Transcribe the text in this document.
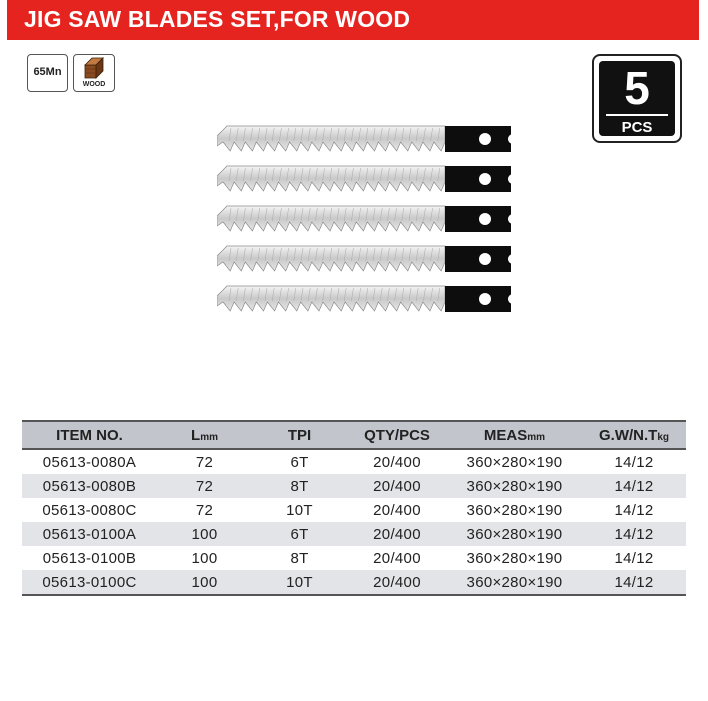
JIG SAW BLADES SET,FOR WOOD
65Mn
WOOD	5
PCS
ITEM NO.	Lmm	TPI	QTY/PCS	MEASmm	G.W/N.Tkg
05613-0080A	72	6T	20/400	360×280×190	14/12
05613-0080B	72	8T	20/400	360×280×190	14/12
05613-0080C	72	10T	20/400	360×280×190	14/12
05613-0100A	100	6T	20/400	360×280×190	14/12
05613-0100B	100	8T	20/400	360×280×190	14/12
05613-0100C	100	10T	20/400	360×280×190	14/12
